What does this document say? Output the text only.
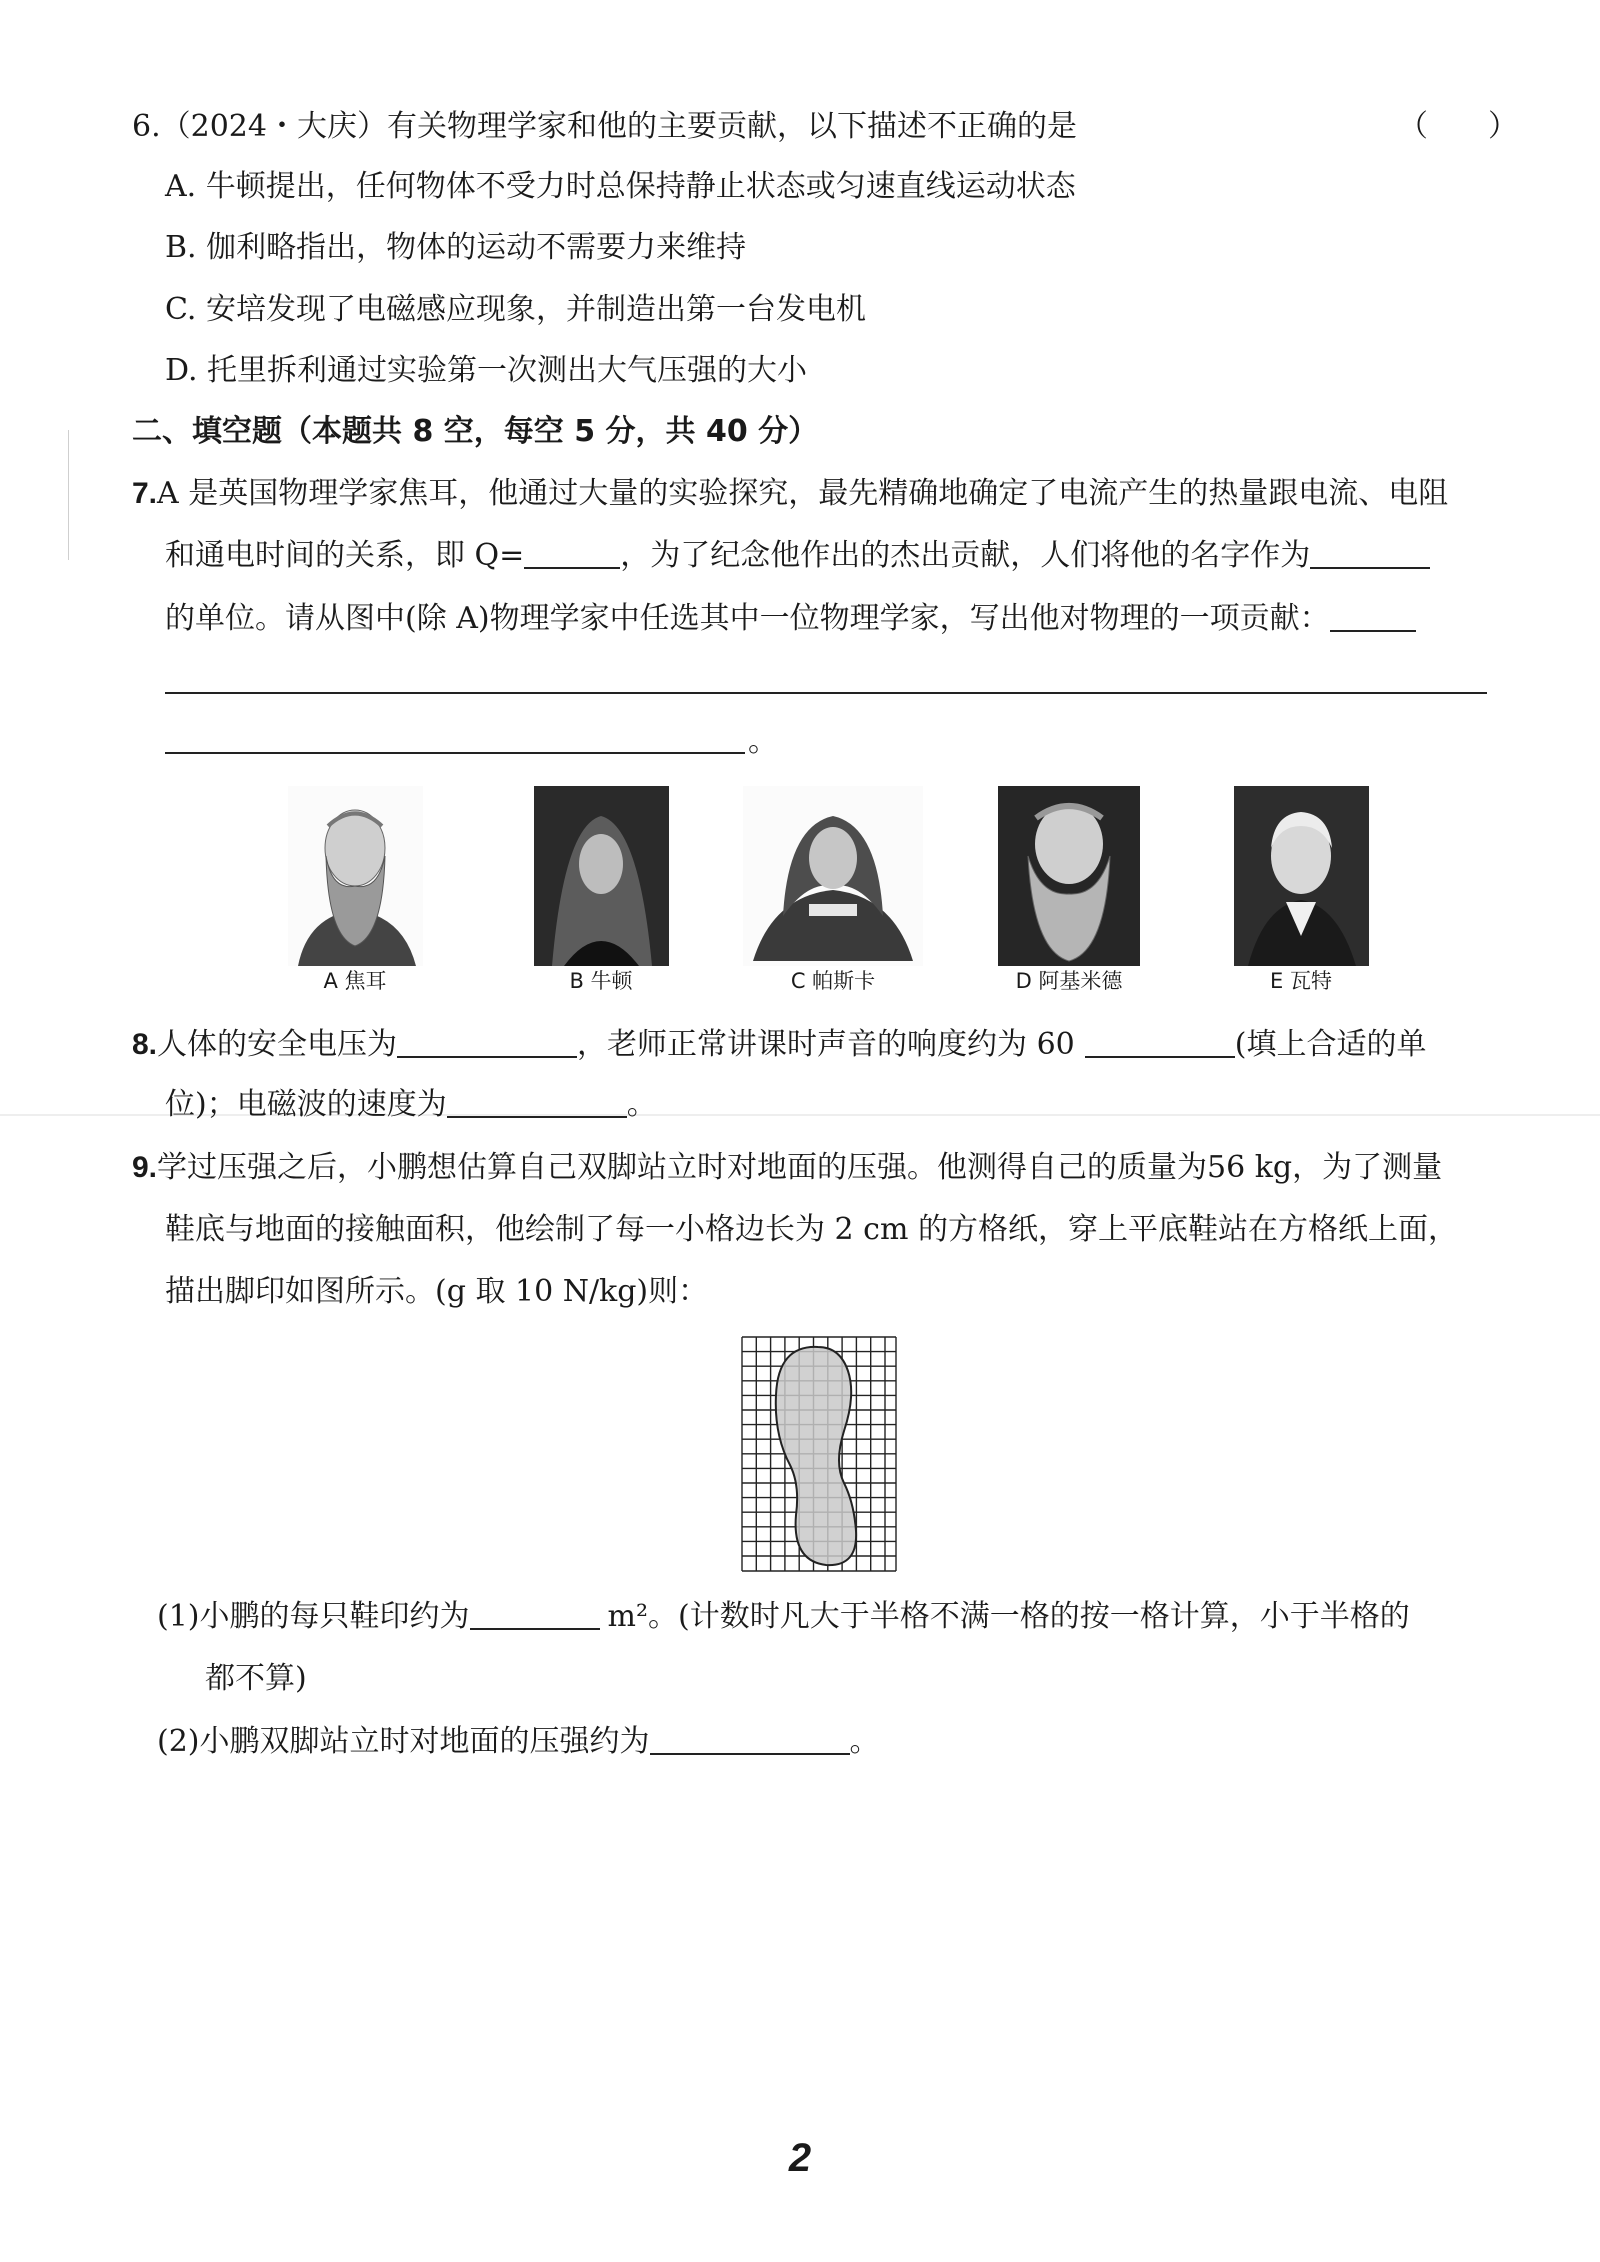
6.（2024・大庆）有关物理学家和他的主要贡献，以下描述不正确的是	（　　）
A. 牛顿提出，任何物体不受力时总保持静止状态或匀速直线运动状态
B. 伽利略指出，物体的运动不需要力来维持
C. 安培发现了电磁感应现象，并制造出第一台发电机
D. 托里拆利通过实验第一次测出大气压强的大小
二、填空题（本题共 8 空，每空 5 分，共 40 分）
7.A 是英国物理学家焦耳，他通过大量的实验探究，最先精确地确定了电流产生的热量跟电流、电阻
和通电时间的关系，即 Q=	，为了纪念他作出的杰出贡献，人们将他的名字作为
的单位。请从图中(除 A)物理学家中任选其中一位物理学家，写出他对物理的一项贡献：
。
A 焦耳	B 牛顿	C 帕斯卡	D 阿基米德	E 瓦特
8.人体的安全电压为	，老师正常讲课时声音的响度约为 60	(填上合适的单
位)；电磁波的速度为	。
9.学过压强之后，小鹏想估算自己双脚站立时对地面的压强。他测得自己的质量为56 kg，为了测量
鞋底与地面的接触面积，他绘制了每一小格边长为 2 cm 的方格纸，穿上平底鞋站在方格纸上面，
描出脚印如图所示。(g 取 10 N/kg)则：
(1)小鹏的每只鞋印约为	m²。(计数时凡大于半格不满一格的按一格计算，小于半格的
都不算)
(2)小鹏双脚站立时对地面的压强约为	。
2
